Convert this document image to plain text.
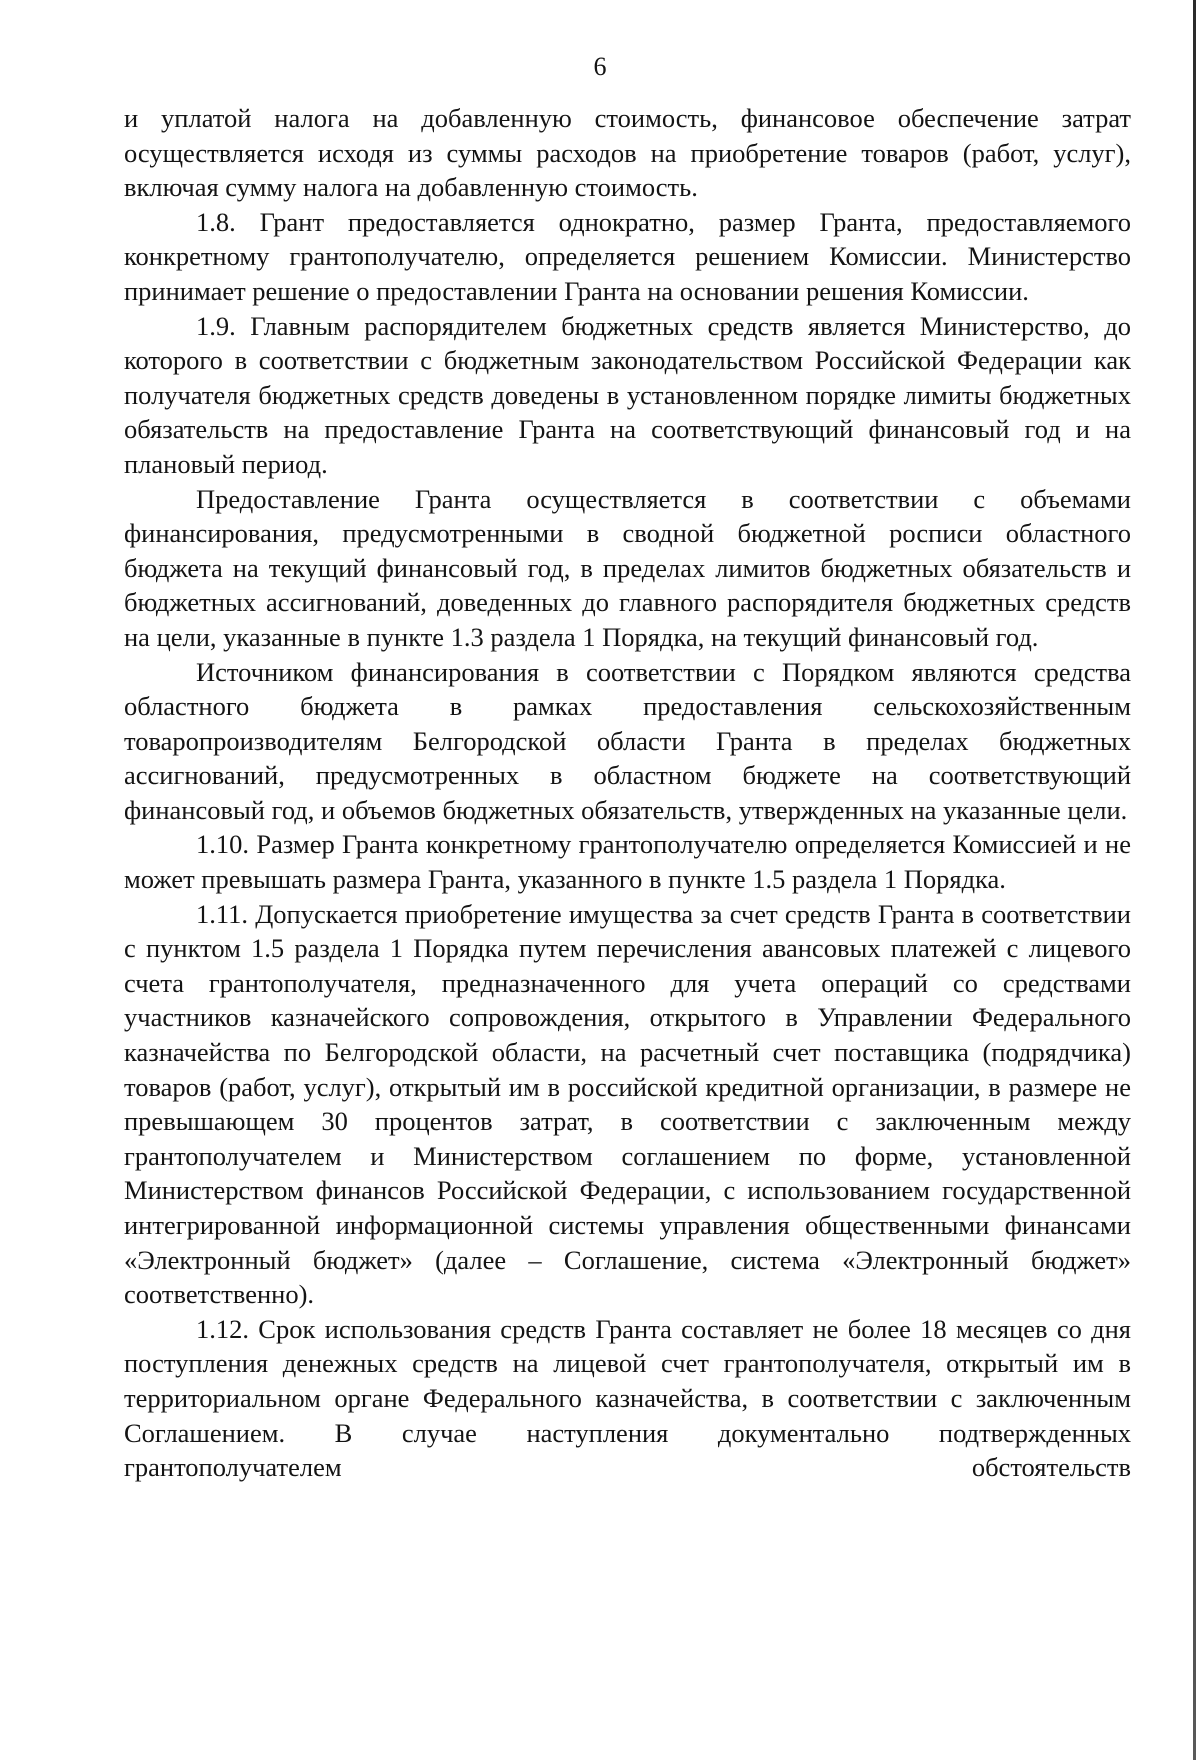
6

и уплатой налога на добавленную стоимость, финансовое обеспечение затрат осуществляется исходя из суммы расходов на приобретение товаров (работ, услуг), включая сумму налога на добавленную стоимость.

1.8. Грант предоставляется однократно, размер Гранта, предоставляемого конкретному грантополучателю, определяется решением Комиссии. Министерство принимает решение о предоставлении Гранта на основании решения Комиссии.

1.9. Главным распорядителем бюджетных средств является Министерство, до которого в соответствии с бюджетным законодательством Российской Федерации как получателя бюджетных средств доведены в установленном порядке лимиты бюджетных обязательств на предоставление Гранта на соответствующий финансовый год и на плановый период.

Предоставление Гранта осуществляется в соответствии с объемами финансирования, предусмотренными в сводной бюджетной росписи областного бюджета на текущий финансовый год, в пределах лимитов бюджетных обязательств и бюджетных ассигнований, доведенных до главного распорядителя бюджетных средств на цели, указанные в пункте 1.3 раздела 1 Порядка, на текущий финансовый год.

Источником финансирования в соответствии с Порядком являются средства областного бюджета в рамках предоставления сельскохозяйственным товаропроизводителям Белгородской области Гранта в пределах бюджетных ассигнований, предусмотренных в областном бюджете на соответствующий финансовый год, и объемов бюджетных обязательств, утвержденных на указанные цели.

1.10. Размер Гранта конкретному грантополучателю определяется Комиссией и не может превышать размера Гранта, указанного в пункте 1.5 раздела 1 Порядка.

1.11. Допускается приобретение имущества за счет средств Гранта в соответствии с пунктом 1.5 раздела 1 Порядка путем перечисления авансовых платежей с лицевого счета грантополучателя, предназначенного для учета операций со средствами участников казначейского сопровождения, открытого в Управлении Федерального казначейства по Белгородской области, на расчетный счет поставщика (подрядчика) товаров (работ, услуг), открытый им в российской кредитной организации, в размере не превышающем 30 процентов затрат, в соответствии с заключенным между грантополучателем и Министерством соглашением по форме, установленной Министерством финансов Российской Федерации, с использованием государственной интегрированной информационной системы управления общественными финансами «Электронный бюджет» (далее – Соглашение, система «Электронный бюджет» соответственно).

1.12. Срок использования средств Гранта составляет не более 18 месяцев со дня поступления денежных средств на лицевой счет грантополучателя, открытый им в территориальном органе Федерального казначейства, в соответствии с заключенным Соглашением. В случае наступления документально подтвержденных грантополучателем обстоятельств
